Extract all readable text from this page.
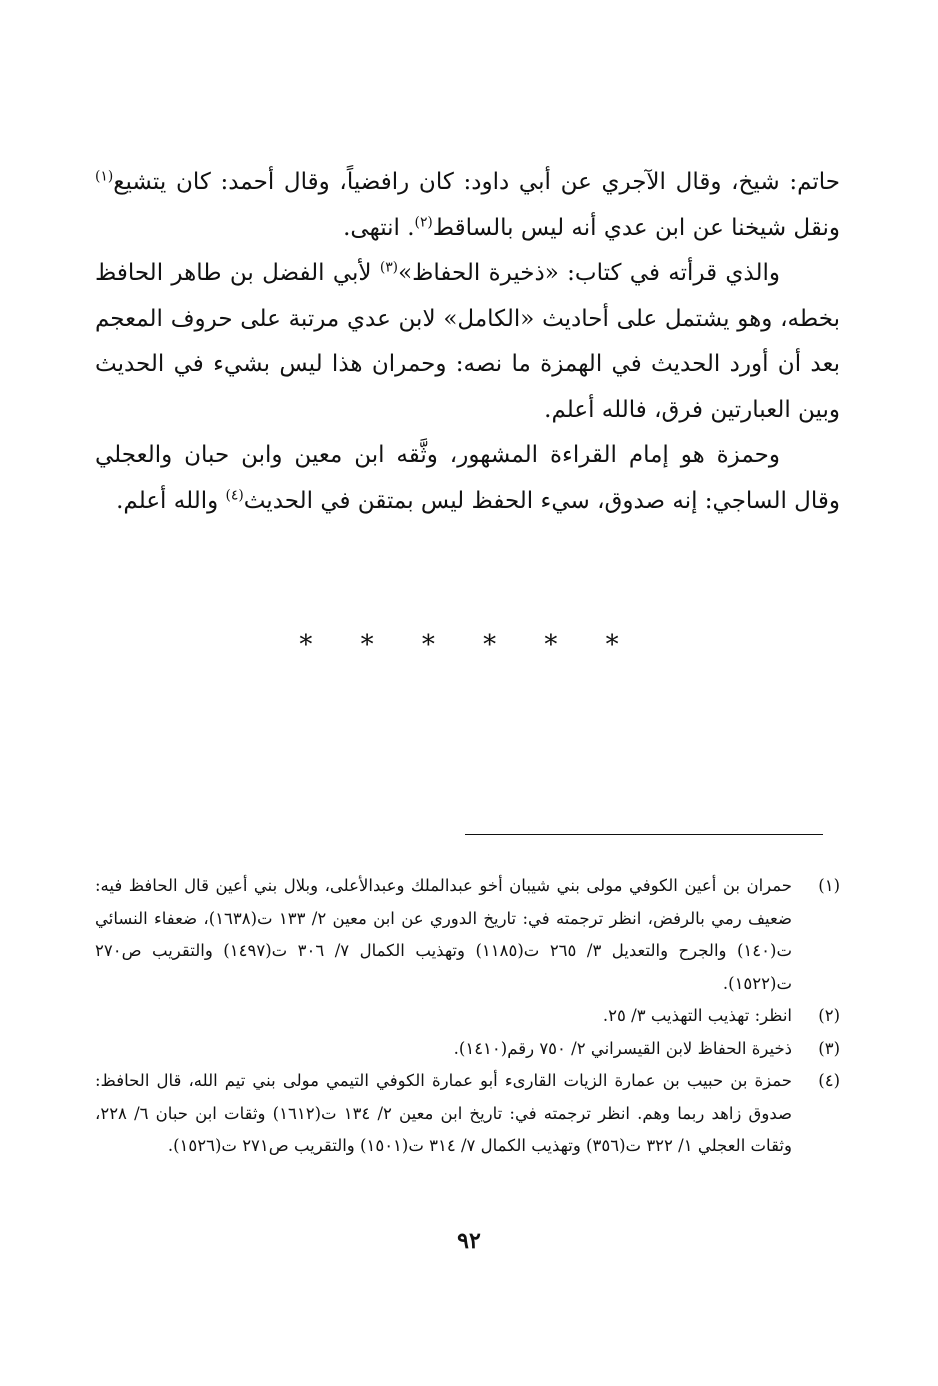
حاتم: شيخ، وقال الآجري عن أبي داود: كان رافضياً، وقال أحمد: كان يتشيع$^{(١)}$ ونقل شيخنا عن ابن عدي أنه ليس بالساقط$^{(٢)}$. انتهى.

والذي قرأته في كتاب: «ذخيرة الحفاظ»$^{(٣)}$ لأبي الفضل بن طاهر الحافظ بخطه، وهو يشتمل على أحاديث «الكامل» لابن عدي مرتبة على حروف المعجم بعد أن أورد الحديث في الهمزة ما نصه: وحمران هذا ليس بشيء في الحديث وبين العبارتين فرق، فالله أعلم.

وحمزة هو إمام القراءة المشهور، وثَّقه ابن معين وابن حبان والعجلي وقال الساجي: إنه صدوق، سيء الحفظ ليس بمتقن في الحديث$^{(٤)}$ والله أعلم.

* * * * * *
(١)
حمران بن أعين الكوفي مولى بني شيبان أخو عبدالملك وعبدالأعلى، وبلال بني أعين قال الحافظ فيه: ضعيف رمي بالرفض، انظر ترجمته في: تاريخ الدوري عن ابن معين ٢/ ١٣٣ ت(١٦٣٨)، ضعفاء النسائي ت(١٤٠) والجرح والتعديل ٣/ ٢٦٥ ت(١١٨٥) وتهذيب الكمال ٧/ ٣٠٦ ت(١٤٩٧) والتقريب ص٢٧٠ ت(١٥٢٢).
(٢)
انظر: تهذيب التهذيب ٣/ ٢٥.
(٣)
ذخيرة الحفاظ لابن القيسراني ٢/ ٧٥٠ رقم(١٤١٠).
(٤)
حمزة بن حبيب بن عمارة الزيات القارىء أبو عمارة الكوفي التيمي مولى بني تيم الله، قال الحافظ: صدوق زاهد ربما وهم. انظر ترجمته في: تاريخ ابن معين ٢/ ١٣٤ ت(١٦١٢) وثقات ابن حبان ٦/ ٢٢٨، وثقات العجلي ١/ ٣٢٢ ت(٣٥٦) وتهذيب الكمال ٧/ ٣١٤ ت(١٥٠١) والتقريب ص٢٧١ ت(١٥٢٦).
٩٢
